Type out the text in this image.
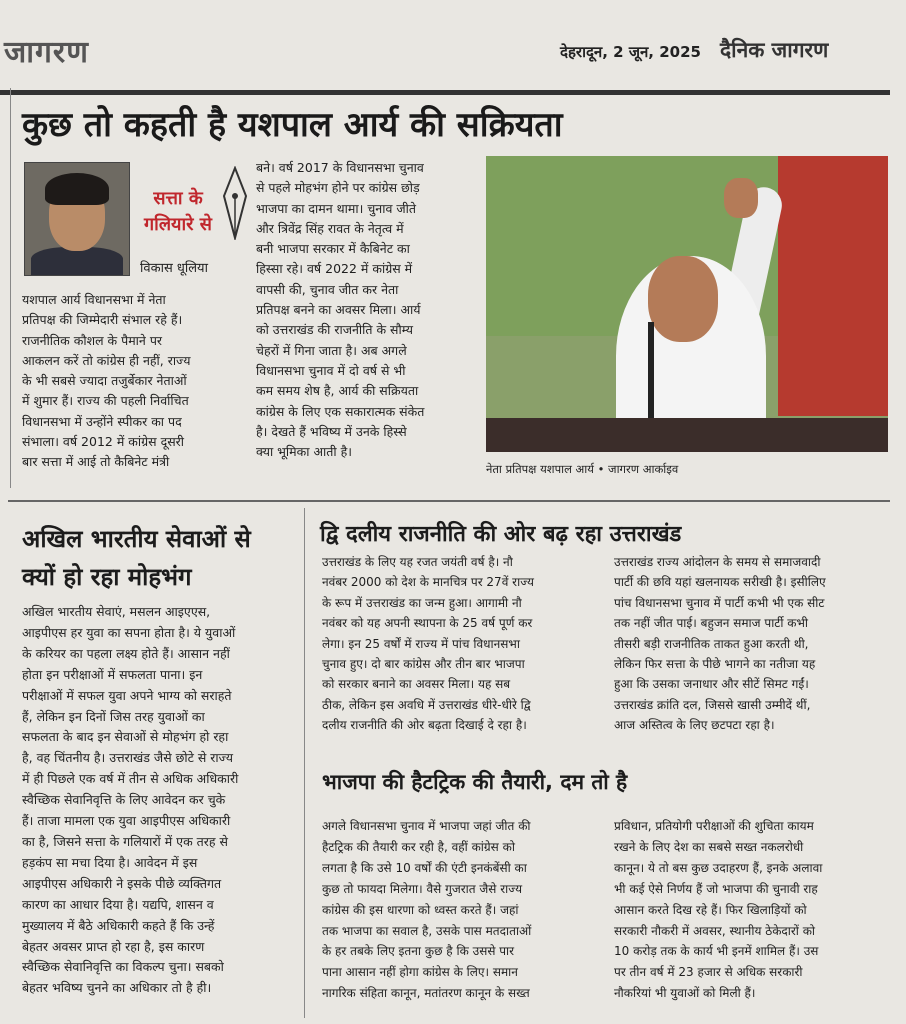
जागरण	देहरादून, 2 जून, 2025 दैनिक जागरण
कुछ तो कहती है यशपाल आर्य की सक्रियता
सत्ता के गलियारे से
विकास धूलिया
यशपाल आर्य विधानसभा में नेता
प्रतिपक्ष की जिम्मेदारी संभाल रहे हैं।
राजनीतिक कौशल के पैमाने पर
आकलन करें तो कांग्रेस ही नहीं, राज्य
के भी सबसे ज्यादा तजुर्बेकार नेताओं
में शुमार हैं। राज्य की पहली निर्वाचित
विधानसभा में उन्होंने स्पीकर का पद
संभाला। वर्ष 2012 में कांग्रेस दूसरी
बार सत्ता में आई तो कैबिनेट मंत्री
बने। वर्ष 2017 के विधानसभा चुनाव
से पहले मोहभंग होने पर कांग्रेस छोड़
भाजपा का दामन थामा। चुनाव जीते
और त्रिवेंद्र सिंह रावत के नेतृत्व में
बनी भाजपा सरकार में कैबिनेट का
हिस्सा रहे। वर्ष 2022 में कांग्रेस में
वापसी की, चुनाव जीत कर नेता
प्रतिपक्ष बनने का अवसर मिला। आर्य
को उत्तराखंड की राजनीति के सौम्य
चेहरों में गिना जाता है। अब अगले
विधानसभा चुनाव में दो वर्ष से भी
कम समय शेष है, आर्य की सक्रियता
कांग्रेस के लिए एक सकारात्मक संकेत
है। देखते हैं भविष्य में उनके हिस्से
क्या भूमिका आती है।
नेता प्रतिपक्ष यशपाल आर्य • जागरण आर्काइव
अखिल भारतीय सेवाओं से
क्यों हो रहा मोहभंग
अखिल भारतीय सेवाएं, मसलन आइएएस,
आइपीएस हर युवा का सपना होता है। ये युवाओं
के करियर का पहला लक्ष्य होते हैं। आसान नहीं
होता इन परीक्षाओं में सफलता पाना। इन
परीक्षाओं में सफल युवा अपने भाग्य को सराहते
हैं, लेकिन इन दिनों जिस तरह युवाओं का
सफलता के बाद इन सेवाओं से मोहभंग हो रहा
है, वह चिंतनीय है। उत्तराखंड जैसे छोटे से राज्य
में ही पिछले एक वर्ष में तीन से अधिक अधिकारी
स्वैच्छिक सेवानिवृत्ति के लिए आवेदन कर चुके
हैं। ताजा मामला एक युवा आइपीएस अधिकारी
का है, जिसने सत्ता के गलियारों में एक तरह से
हड़कंप सा मचा दिया है। आवेदन में इस
आइपीएस अधिकारी ने इसके पीछे व्यक्तिगत
कारण का आधार दिया है। यद्यपि, शासन व
मुख्यालय में बैठे अधिकारी कहते हैं कि उन्हें
बेहतर अवसर प्राप्त हो रहा है, इस कारण
स्वैच्छिक सेवानिवृत्ति का विकल्प चुना। सबको
बेहतर भविष्य चुनने का अधिकार तो है ही।
द्वि दलीय राजनीति की ओर बढ़ रहा उत्तराखंड
उत्तराखंड के लिए यह रजत जयंती वर्ष है। नौ
नवंबर 2000 को देश के मानचित्र पर 27वें राज्य
के रूप में उत्तराखंड का जन्म हुआ। आगामी नौ
नवंबर को यह अपनी स्थापना के 25 वर्ष पूर्ण कर
लेगा। इन 25 वर्षों में राज्य में पांच विधानसभा
चुनाव हुए। दो बार कांग्रेस और तीन बार भाजपा
को सरकार बनाने का अवसर मिला। यह सब
ठीक, लेकिन इस अवधि में उत्तराखंड धीरे-धीरे द्वि
दलीय राजनीति की ओर बढ़ता दिखाई दे रहा है।
उत्तराखंड राज्य आंदोलन के समय से समाजवादी
पार्टी की छवि यहां खलनायक सरीखी है। इसीलिए
पांच विधानसभा चुनाव में पार्टी कभी भी एक सीट
तक नहीं जीत पाई। बहुजन समाज पार्टी कभी
तीसरी बड़ी राजनीतिक ताकत हुआ करती थी,
लेकिन फिर सत्ता के पीछे भागने का नतीजा यह
हुआ कि उसका जनाधार और सीटें सिमट गईं।
उत्तराखंड क्रांति दल, जिससे खासी उम्मीदें थीं,
आज अस्तित्व के लिए छटपटा रहा है।
भाजपा की हैटट्रिक की तैयारी, दम तो है
अगले विधानसभा चुनाव में भाजपा जहां जीत की
हैटट्रिक की तैयारी कर रही है, वहीं कांग्रेस को
लगता है कि उसे 10 वर्षों की एंटी इनकंबेंसी का
कुछ तो फायदा मिलेगा। वैसे गुजरात जैसे राज्य
कांग्रेस की इस धारणा को ध्वस्त करते हैं। जहां
तक भाजपा का सवाल है, उसके पास मतदाताओं
के हर तबके लिए इतना कुछ है कि उससे पार
पाना आसान नहीं होगा कांग्रेस के लिए। समान
नागरिक संहिता कानून, मतांतरण कानून के सख्त
प्रविधान, प्रतियोगी परीक्षाओं की शुचिता कायम
रखने के लिए देश का सबसे सख्त नकलरोधी
कानून। ये तो बस कुछ उदाहरण हैं, इनके अलावा
भी कई ऐसे निर्णय हैं जो भाजपा की चुनावी राह
आसान करते दिख रहे हैं। फिर खिलाड़ियों को
सरकारी नौकरी में अवसर, स्थानीय ठेकेदारों को
10 करोड़ तक के कार्य भी इनमें शामिल हैं। उस
पर तीन वर्ष में 23 हजार से अधिक सरकारी
नौकरियां भी युवाओं को मिली हैं।
